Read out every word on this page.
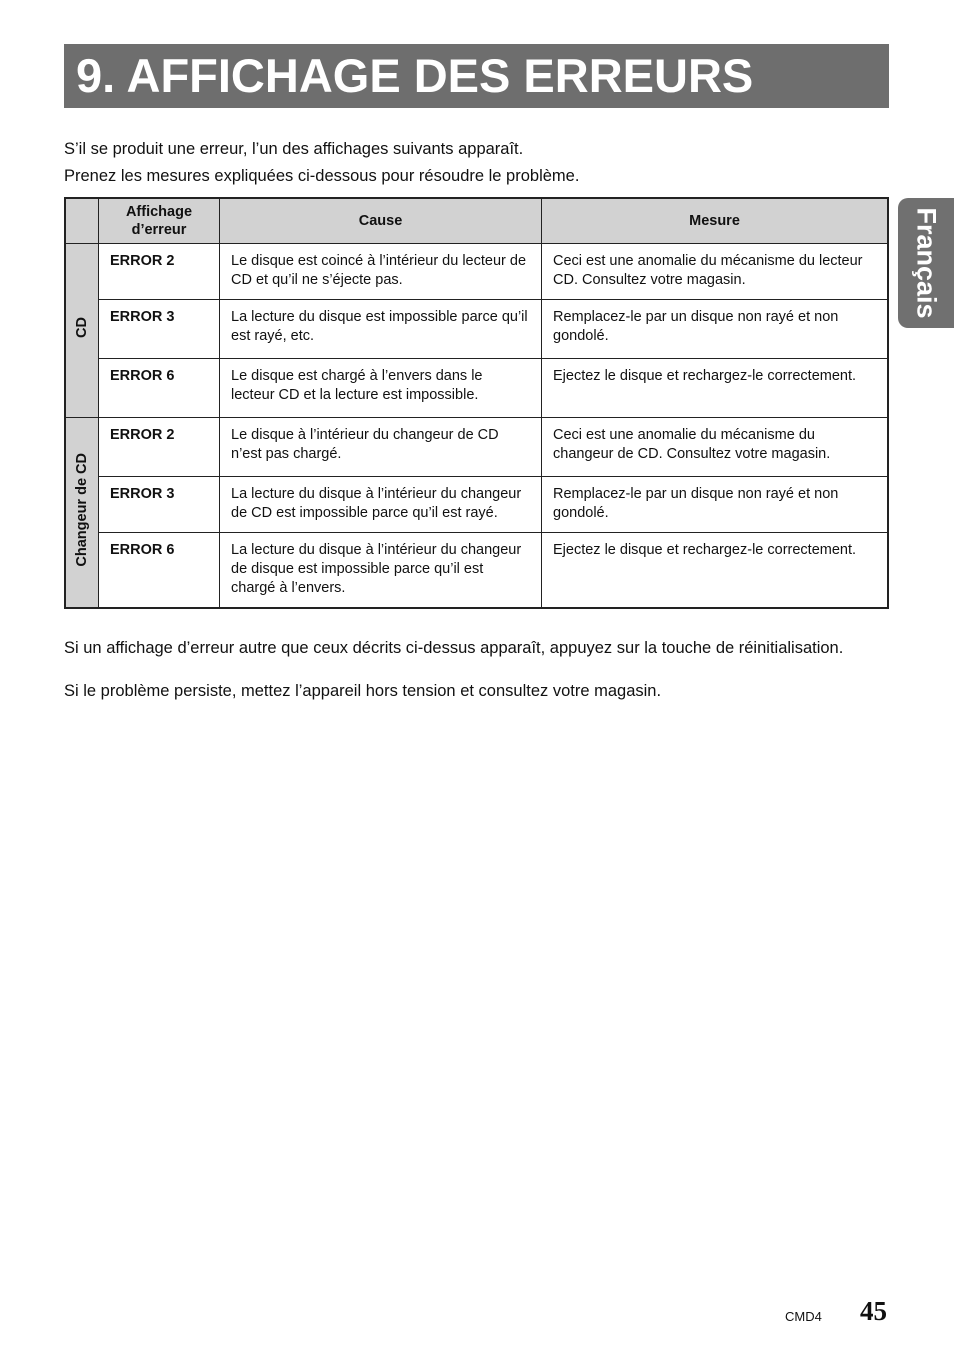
9. AFFICHAGE DES ERREURS
Français

S’il se produit une erreur, l’un des affichages suivants apparaît.

Prenez les mesures expliquées ci-dessous pour résoudre le problème.

	Affichage d’erreur	Cause	Mesure
CD	ERROR 2	Le disque est coincé à l’intérieur du lecteur de CD et qu’il ne s’éjecte pas.	Ceci est une anomalie du mécanisme du lecteur CD. Consultez votre magasin.
	ERROR 3	La lecture du disque est impossible parce qu’il est rayé, etc.	Remplacez-le par un disque non rayé et non gondolé.
	ERROR 6	Le disque est chargé à l’envers dans le lecteur CD et la lecture est impossible.	Ejectez le disque et rechargez-le correctement.
Changeur de CD	ERROR 2	Le disque à l’intérieur du changeur de CD n’est pas chargé.	Ceci est une anomalie du mécanisme du changeur de CD. Consultez votre magasin.
	ERROR 3	La lecture du disque à l’intérieur du changeur de CD est impossible parce qu’il est rayé.	Remplacez-le par un disque non rayé et non gondolé.
	ERROR 6	La lecture du disque à l’intérieur du changeur de disque est impossible parce qu’il est chargé à l’envers.	Ejectez le disque et rechargez-le correctement.

Si un affichage d’erreur autre que ceux décrits ci-dessus apparaît, appuyez sur la touche de réinitialisation.

Si le problème persiste, mettez l’appareil hors tension et consultez votre magasin.

CMD4 45
